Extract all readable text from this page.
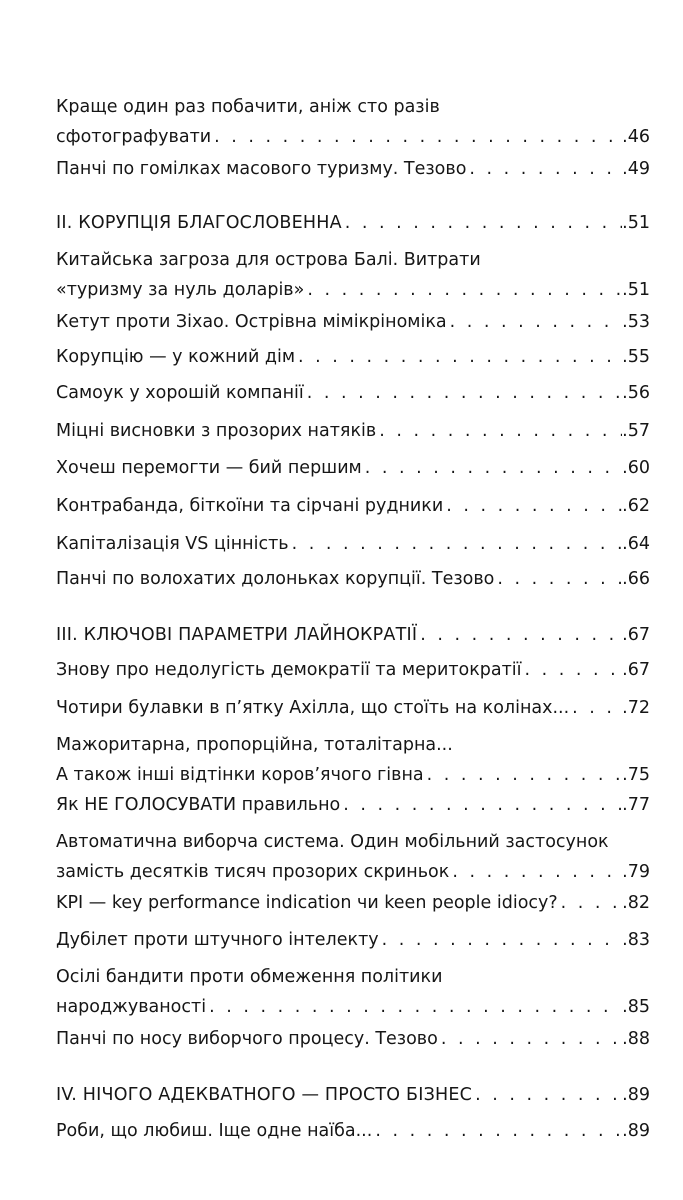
Краще один раз побачити, аніж сто разів
сфотографувати . . .	.46
Панчі по гомілках масового туризму. Тезово . . .	.49
ІІ. КОРУПЦІЯ БЛАГОСЛОВЕННА . . .	.51
Китайська загроза для острова Балі. Витрати
«туризму за нуль доларів» . . .	.51
Кетут проти Зіхао. Острівна мімікріноміка . . .	.53
Корупцію — у кожний дім . . .	.55
Самоук у хорошій компанії . . .	.56
Міцні висновки з прозорих натяків . . .	.57
Хочеш перемогти — бий першим . . .	.60
Контрабанда, біткоїни та сірчані рудники . . .	.62
Капіталізація VS цінність . . .	.64
Панчі по волохатих долоньках корупції. Тезово . . .	.66
ІІІ. КЛЮЧОВІ ПАРАМЕТРИ ЛАЙНОКРАТІЇ . . .	.67
Знову про недолугість демократії та меритократії . . .	.67
Чотири булавки в п’ятку Ахілла, що стоїть на колінах... . . .	.72
Мажоритарна, пропорційна, тоталітарна...
А також інші відтінки коров’ячого гівна . . .	.75
Як НЕ ГОЛОСУВАТИ правильно . . .	.77
Автоматична виборча система. Один мобільний застосунок
замість десятків тисяч прозорих скриньок . . .	.79
KPI — key performance indication чи keen people idiocy? . . .	.82
Дубілет проти штучного інтелекту . . .	.83
Осілі бандити проти обмеження політики
народжуваності . . .	.85
Панчі по носу виборчого процесу. Тезово . . .	.88
IV. НІЧОГО АДЕКВАТНОГО — ПРОСТО БІЗНЕС . . .	.89
Роби, що любиш. Іще одне наїба... . . .	.89
